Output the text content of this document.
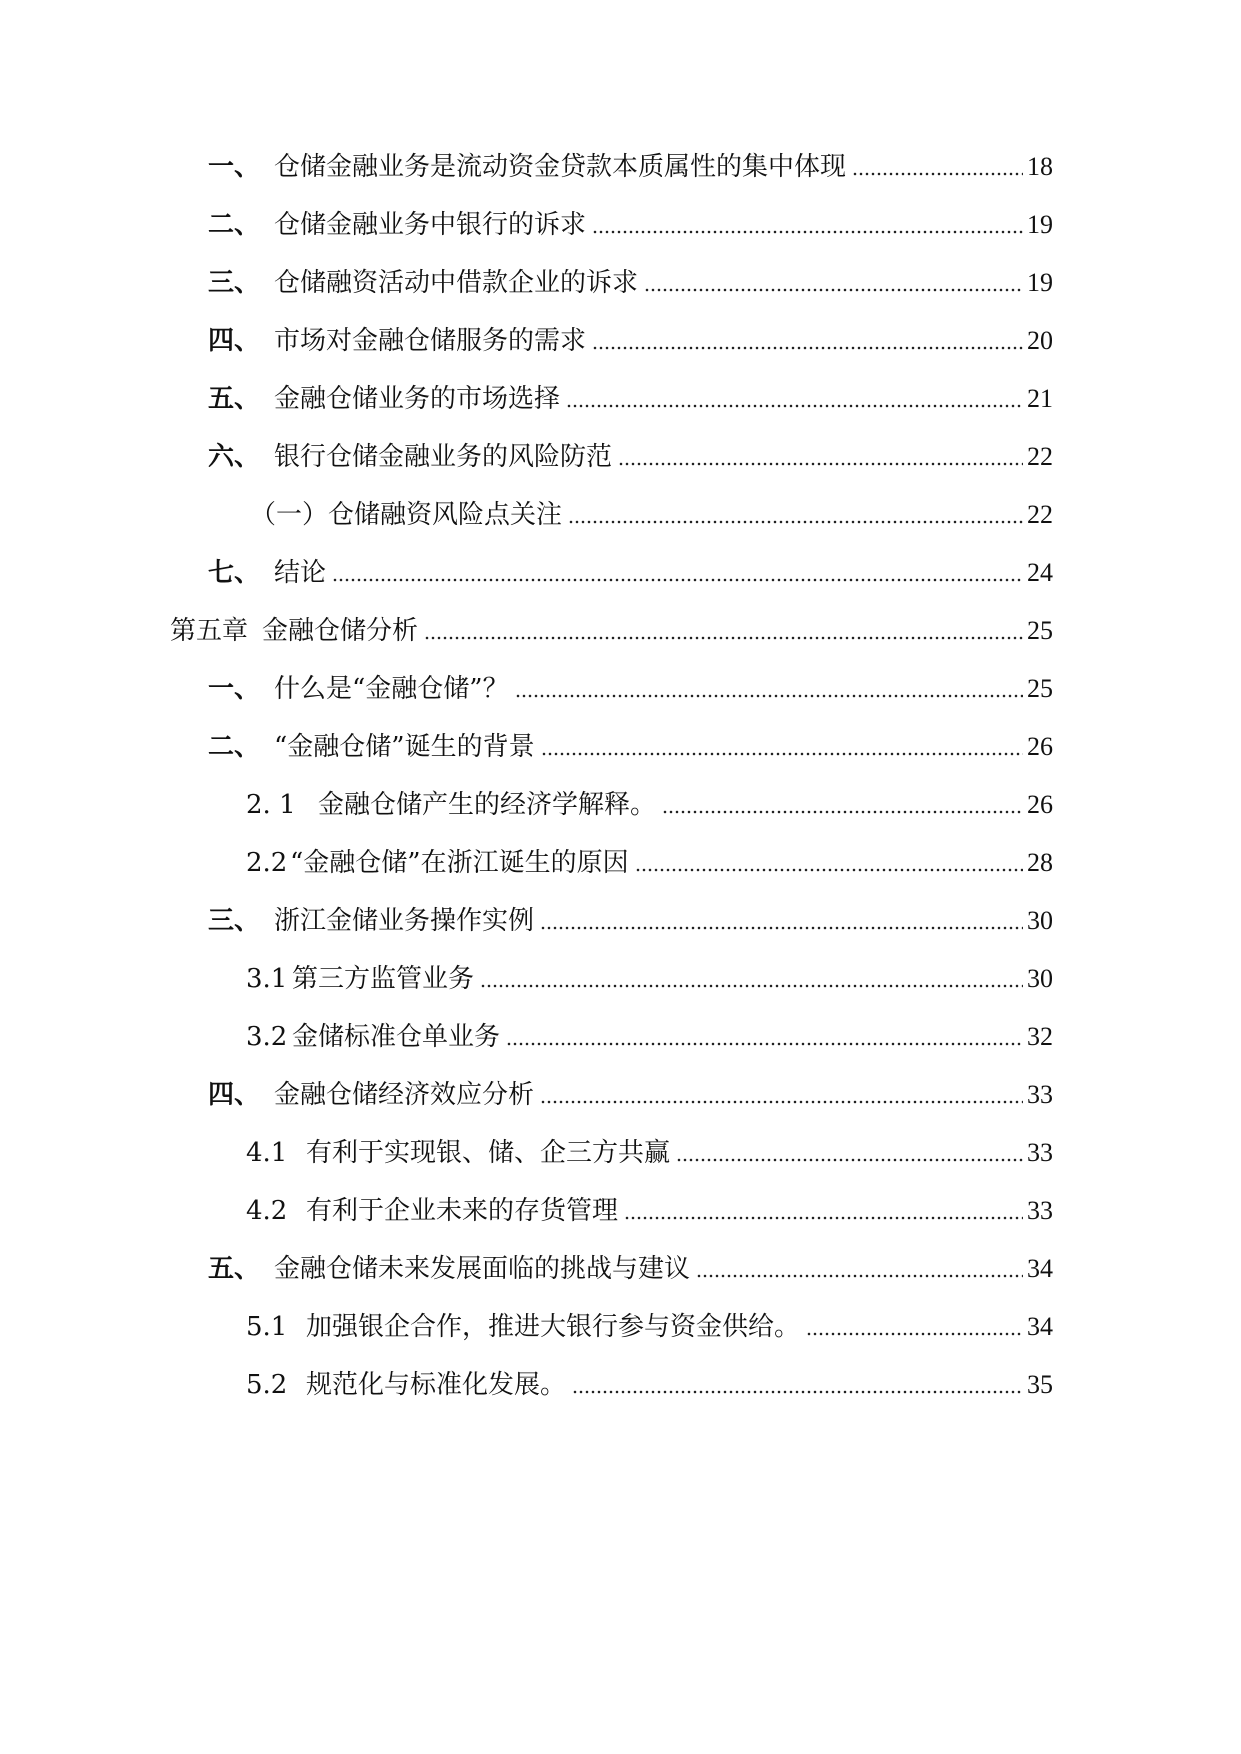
一、 仓储金融业务是流动资金贷款本质属性的集中体现	18
二、 仓储金融业务中银行的诉求	19
三、 仓储融资活动中借款企业的诉求	19
四、 市场对金融仓储服务的需求	20
五、 金融仓储业务的市场选择	21
六、 银行仓储金融业务的风险防范	22
（一） 仓储融资风险点关注	22
七、 结论	24
第五章 金融仓储分析	25
一、 什么是“金融仓储”？	25
二、 “金融仓储”诞生的背景	26
2. 1 金融仓储产生的经济学解释。	26
2.2 “金融仓储”在浙江诞生的原因	28
三、 浙江金储业务操作实例	30
3.1 第三方监管业务	30
3.2 金储标准仓单业务	32
四、 金融仓储经济效应分析	33
4.1 有利于实现银、储、企三方共赢	33
4.2 有利于企业未来的存货管理	33
五、 金融仓储未来发展面临的挑战与建议	34
5.1 加强银企合作，推进大银行参与资金供给。	34
5.2 规范化与标准化发展。	35
